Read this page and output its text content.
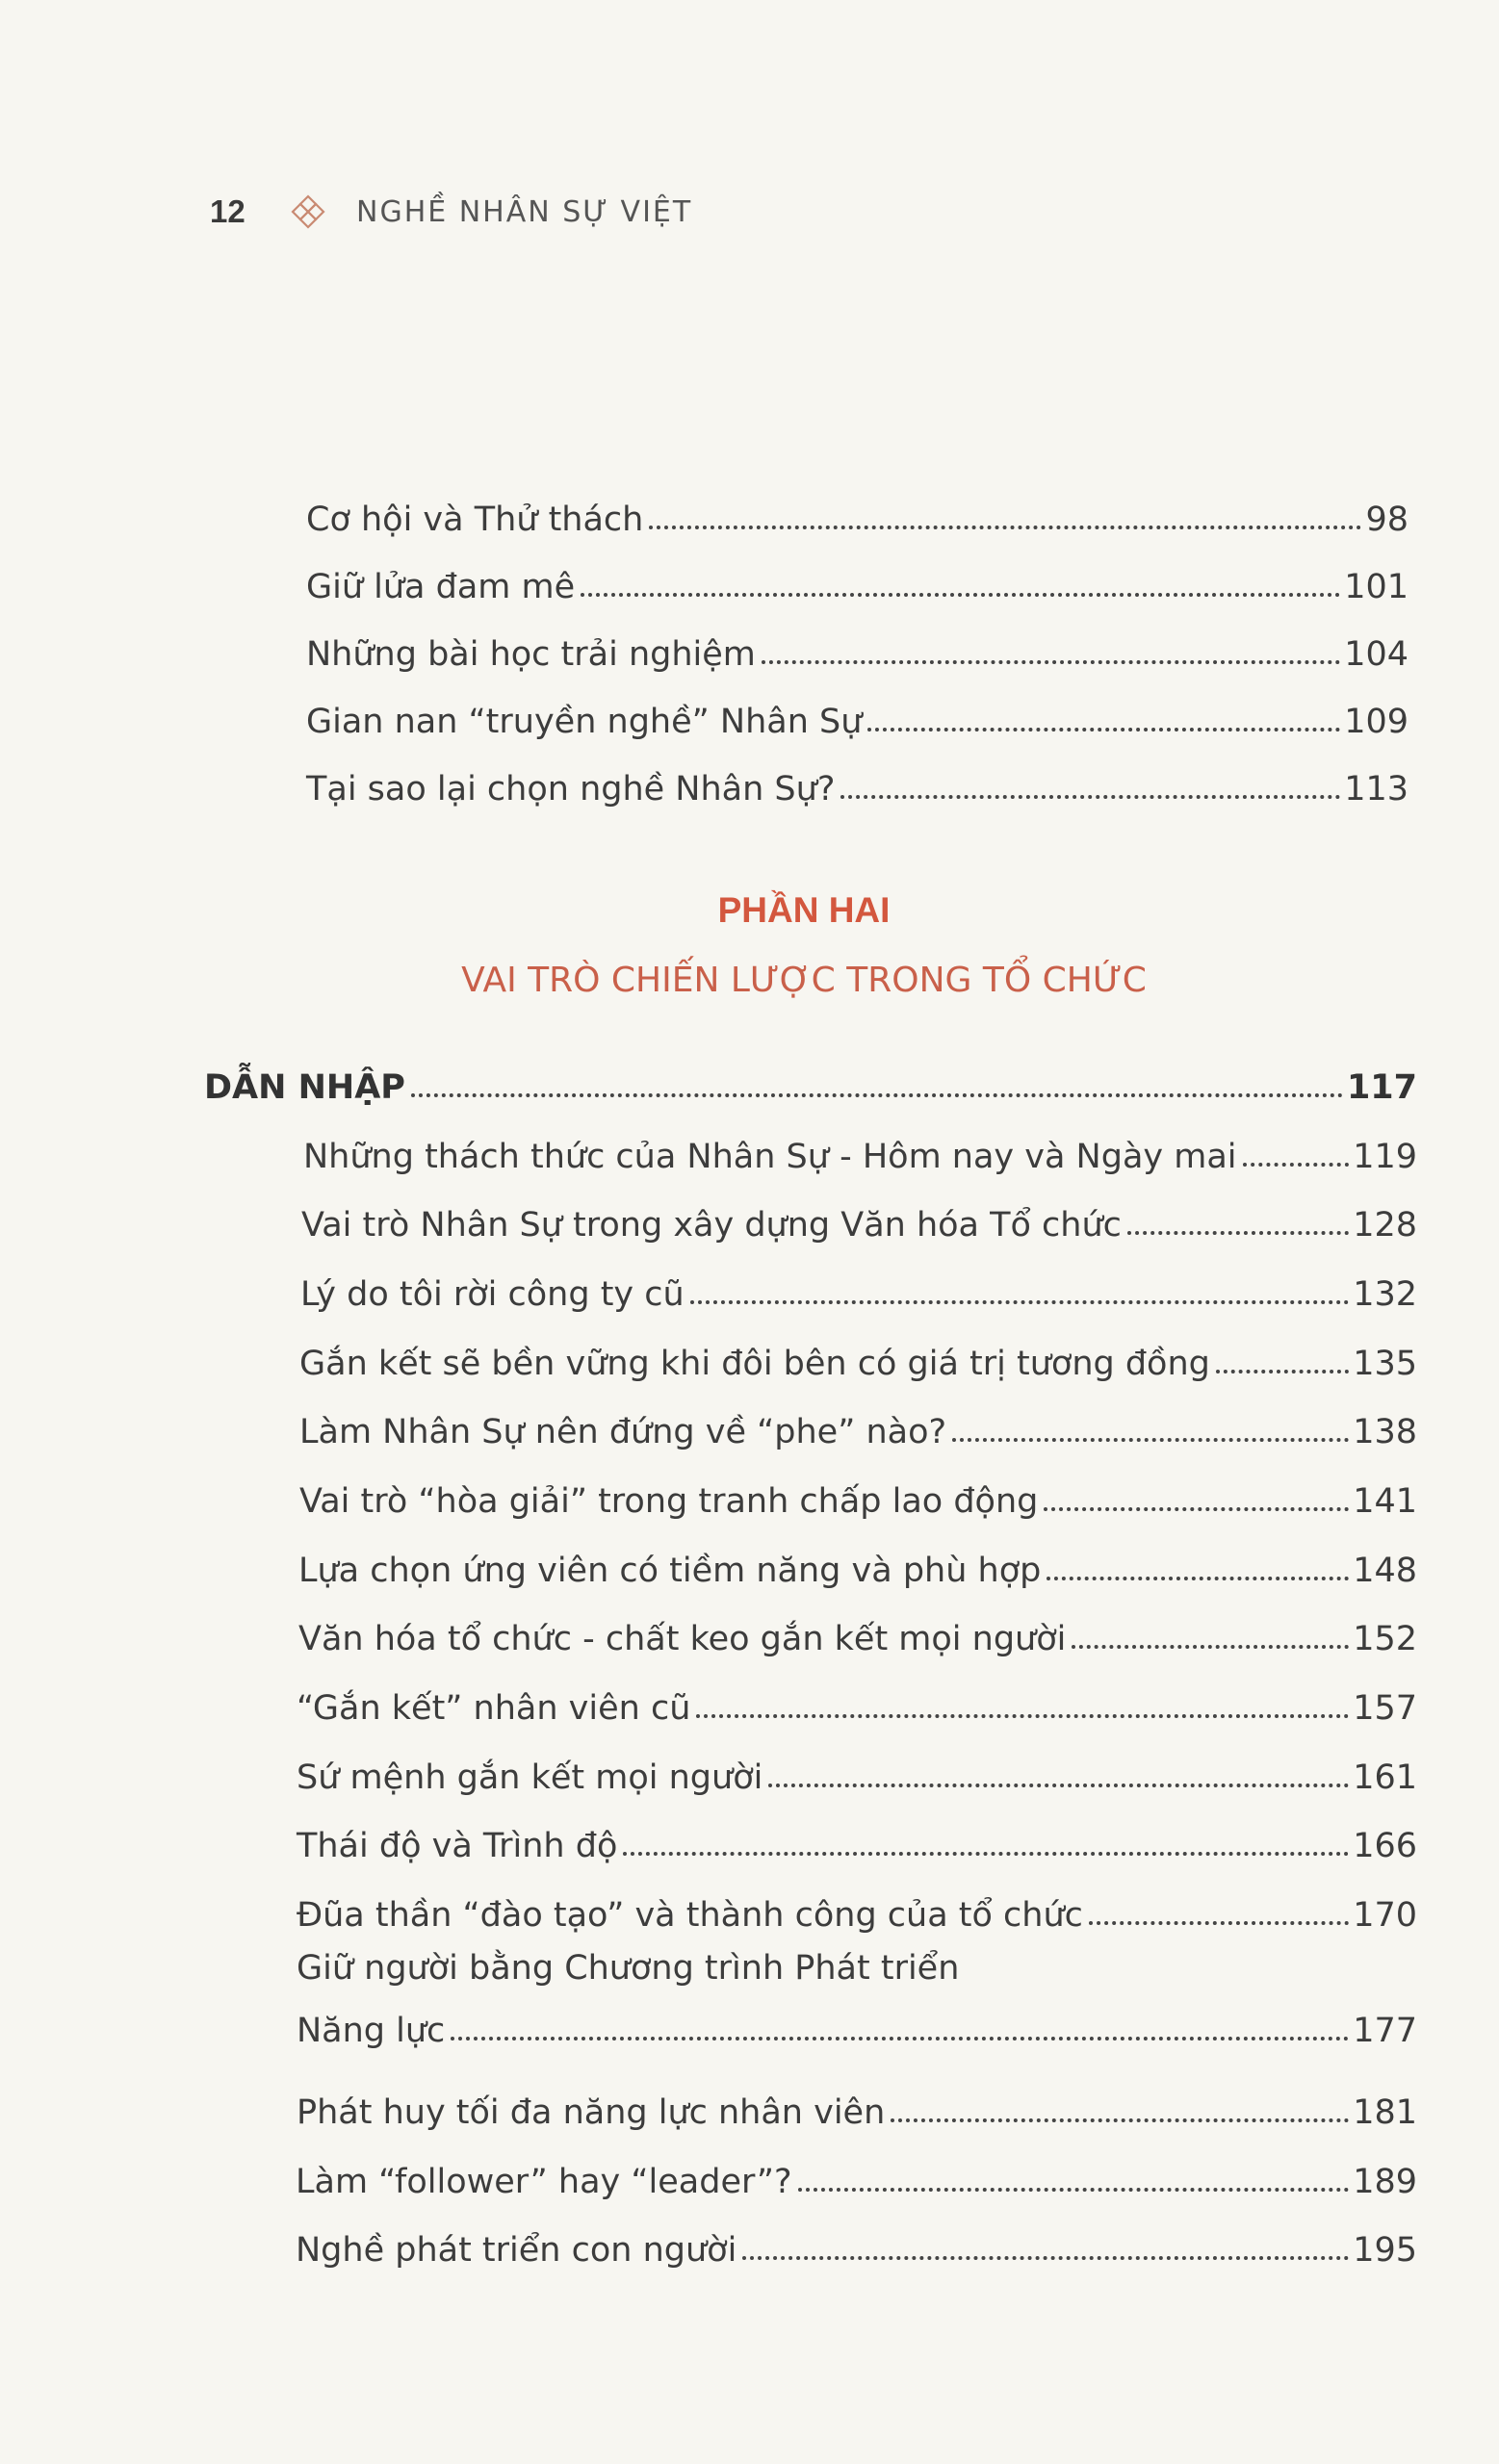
12	NGHỀ NHÂN SỰ VIỆT
Cơ hội và Thử thách	98
Giữ lửa đam mê	101
Những bài học trải nghiệm	104
Gian nan “truyền nghề” Nhân Sự	109
Tại sao lại chọn nghề Nhân Sự?	113
PHẦN HAI
VAI TRÒ CHIẾN LƯỢC TRONG TỔ CHỨC
DẪN NHẬP	117
Những thách thức của Nhân Sự - Hôm nay và Ngày mai	119
Vai trò Nhân Sự trong xây dựng Văn hóa Tổ chức	128
Lý do tôi rời công ty cũ	132
Gắn kết sẽ bền vững khi đôi bên có giá trị tương đồng	135
Làm Nhân Sự nên đứng về “phe” nào?	138
Vai trò “hòa giải” trong tranh chấp lao động	141
Lựa chọn ứng viên có tiềm năng và phù hợp	148
Văn hóa tổ chức - chất keo gắn kết mọi người	152
“Gắn kết” nhân viên cũ	157
Sứ mệnh gắn kết mọi người	161
Thái độ và Trình độ	166
Đũa thần “đào tạo” và thành công của tổ chức	170
Giữ người bằng Chương trình Phát triển
Năng lực	177
Phát huy tối đa năng lực nhân viên	181
Làm “follower” hay “leader”?	189
Nghề phát triển con người	195
